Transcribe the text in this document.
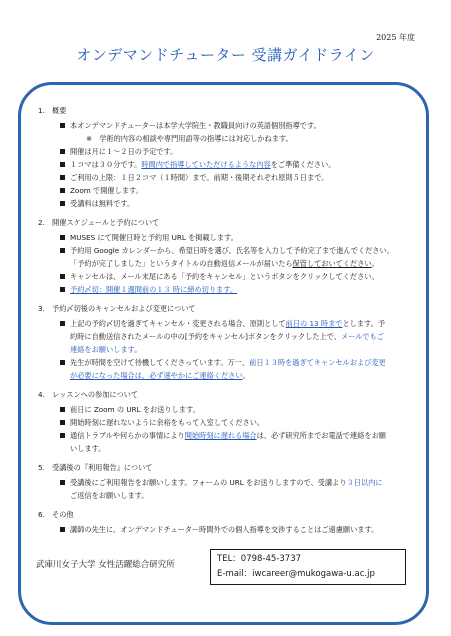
2025 年度
オンデマンドチューター 受講ガイドライン
1. 概要
本オンデマンドチューターは本学大学院生・教職員向けの英語個別指導です。
※　学術的内容の相談や専門用語等の指導には対応しかねます。
開催は月に１～２日の予定です。
１コマは３０分です。時間内で指導していただけるような内容をご準備ください。
ご利用の上限：１日２コマ（１時間）まで。前期・後期それぞれ原則５日まで。
Zoom で開催します。
受講料は無料です。
2. 開催スケジュールと予約について
MUSES にて開催日時と予約用 URL を掲載します。
予約用 Google カレンダーから、希望日時を選び、氏名等を入力して予約完了まで進んでください。
「予約が完了しました」というタイトルの自動返信メールが届いたら保管しておいてください。
キャンセルは、メール末尾にある「予約をキャンセル」というボタンをクリックしてください。
予約〆切：開催１週間前の１３ 時に締め切ります。
3. 予約〆切後のキャンセルおよび変更について
上記の予約〆切を過ぎてキャンセル・変更される場合、原則として前日の 13 時までとします。予
約時に自動送信されたメールの中の[予約をキャンセル]ボタンをクリックした上で、メールでもご
連絡をお願いします。
先生が時間を空けて待機してくださっています。万一、前日１３時を過ぎてキャンセルおよび変更
が必要になった場合は、必ず速やかにご連絡ください。
4. レッスンへの参加について
前日に Zoom の URL をお送りします。
開始時刻に遅れないように余裕をもって入室してください。
通信トラブルや何らかの事情により開始時刻に遅れる場合は、必ず研究所までお電話で連絡をお願
いします。
5. 受講後の『利用報告』について
受講後にご利用報告をお願いします。フォームの URL をお送りしますので、受講より３日以内に
ご返信をお願いします。
6. その他
講師の先生に、オンデマンドチューター時間外での個人指導を交渉することはご遠慮願います。
武庫川女子大学 女性活躍総合研究所
TEL：0798-45-3737
E-mail：iwcareer@mukogawa-u.ac.jp
